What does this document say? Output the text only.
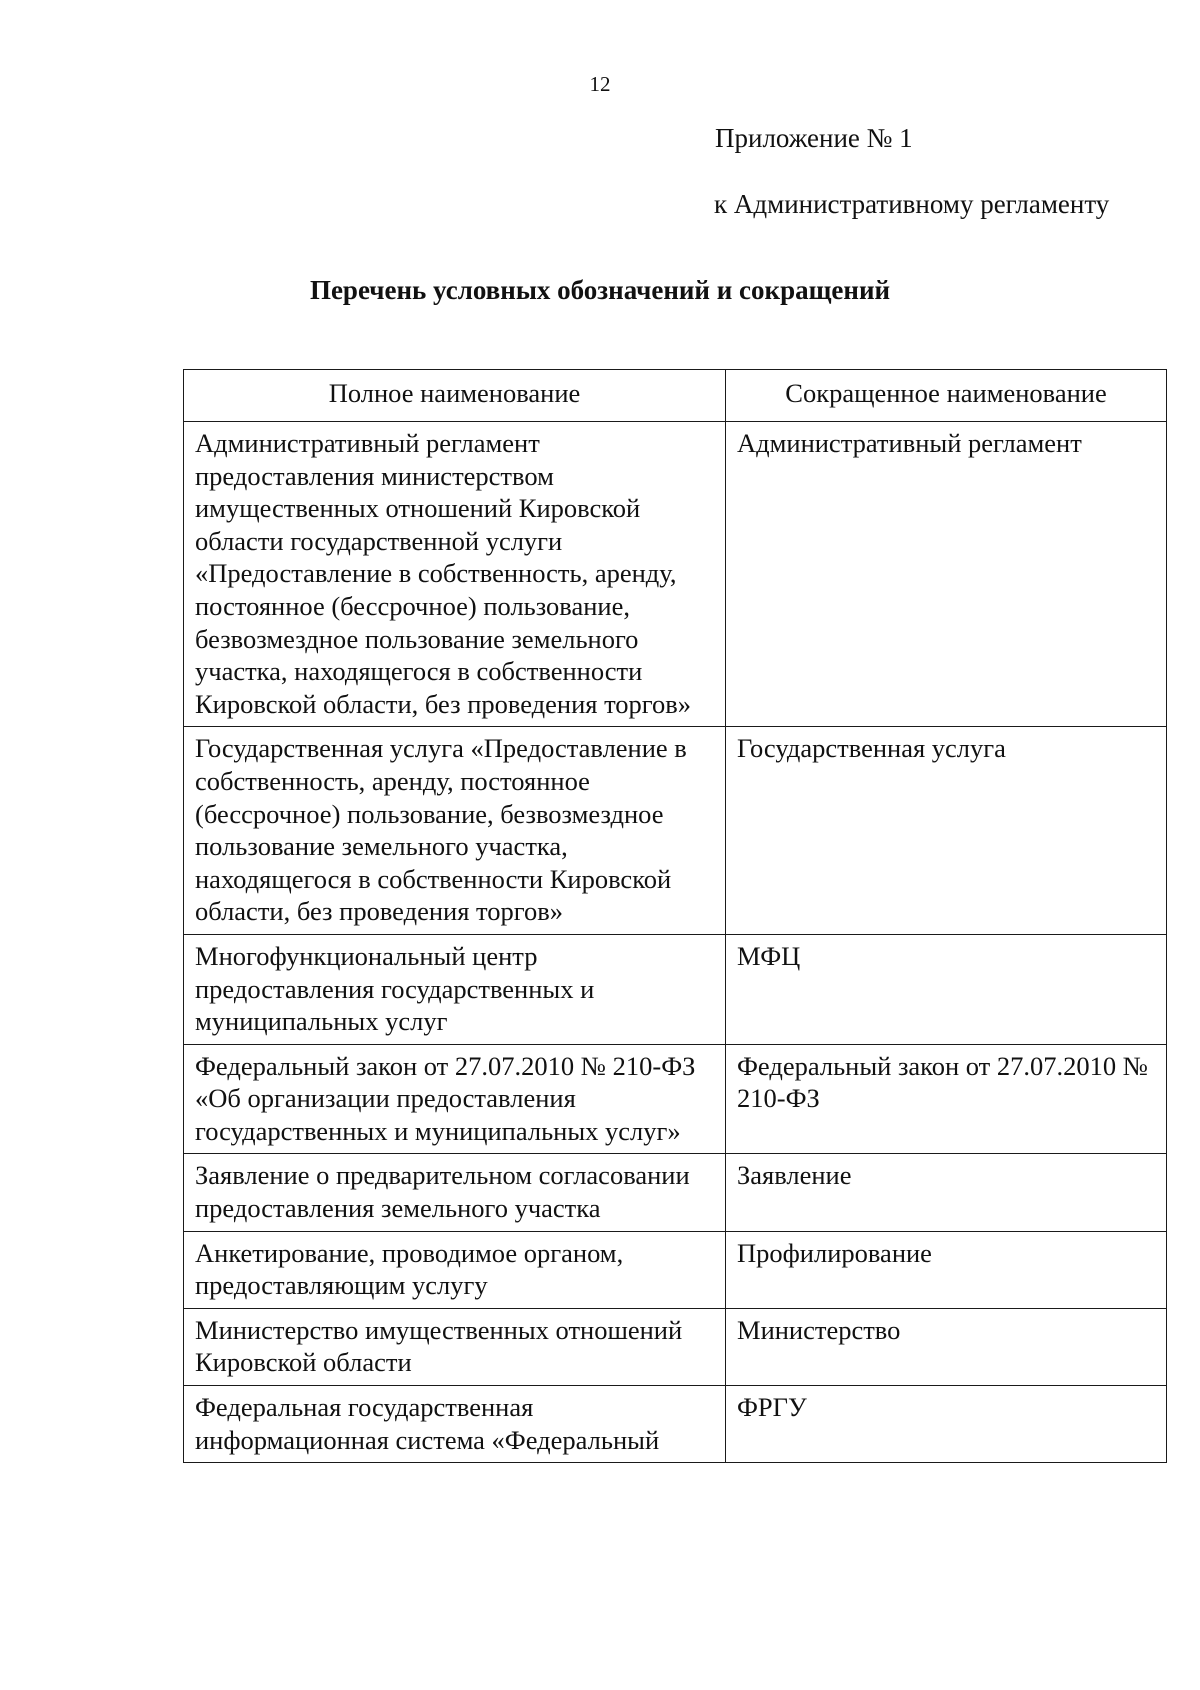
12
Приложение № 1
к Административному регламенту
Перечень условных обозначений и сокращений
Полное наименование	Сокращенное наименование
Административный регламент предоставления министерством имущественных отношений Кировской области государственной услуги «Предоставление в собственность, аренду, постоянное (бессрочное) пользование, безвозмездное пользование земельного участка, находящегося в собственности Кировской области, без проведения торгов»	Административный регламент
Государственная услуга «Предоставление в собственность, аренду, постоянное (бессрочное) пользование, безвозмездное пользование земельного участка, находящегося в собственности Кировской области, без проведения торгов»	Государственная услуга
Многофункциональный центр предоставления государственных и муниципальных услуг	МФЦ
Федеральный закон от 27.07.2010 № 210-ФЗ «Об организации предоставления государственных и муниципальных услуг»	Федеральный закон от 27.07.2010 № 210-ФЗ
Заявление о предварительном согласовании предоставления земельного участка	Заявление
Анкетирование, проводимое органом, предоставляющим услугу	Профилирование
Министерство имущественных отношений Кировской области	Министерство

Федеральная государственная информационная система «Федеральный	ФРГУ
